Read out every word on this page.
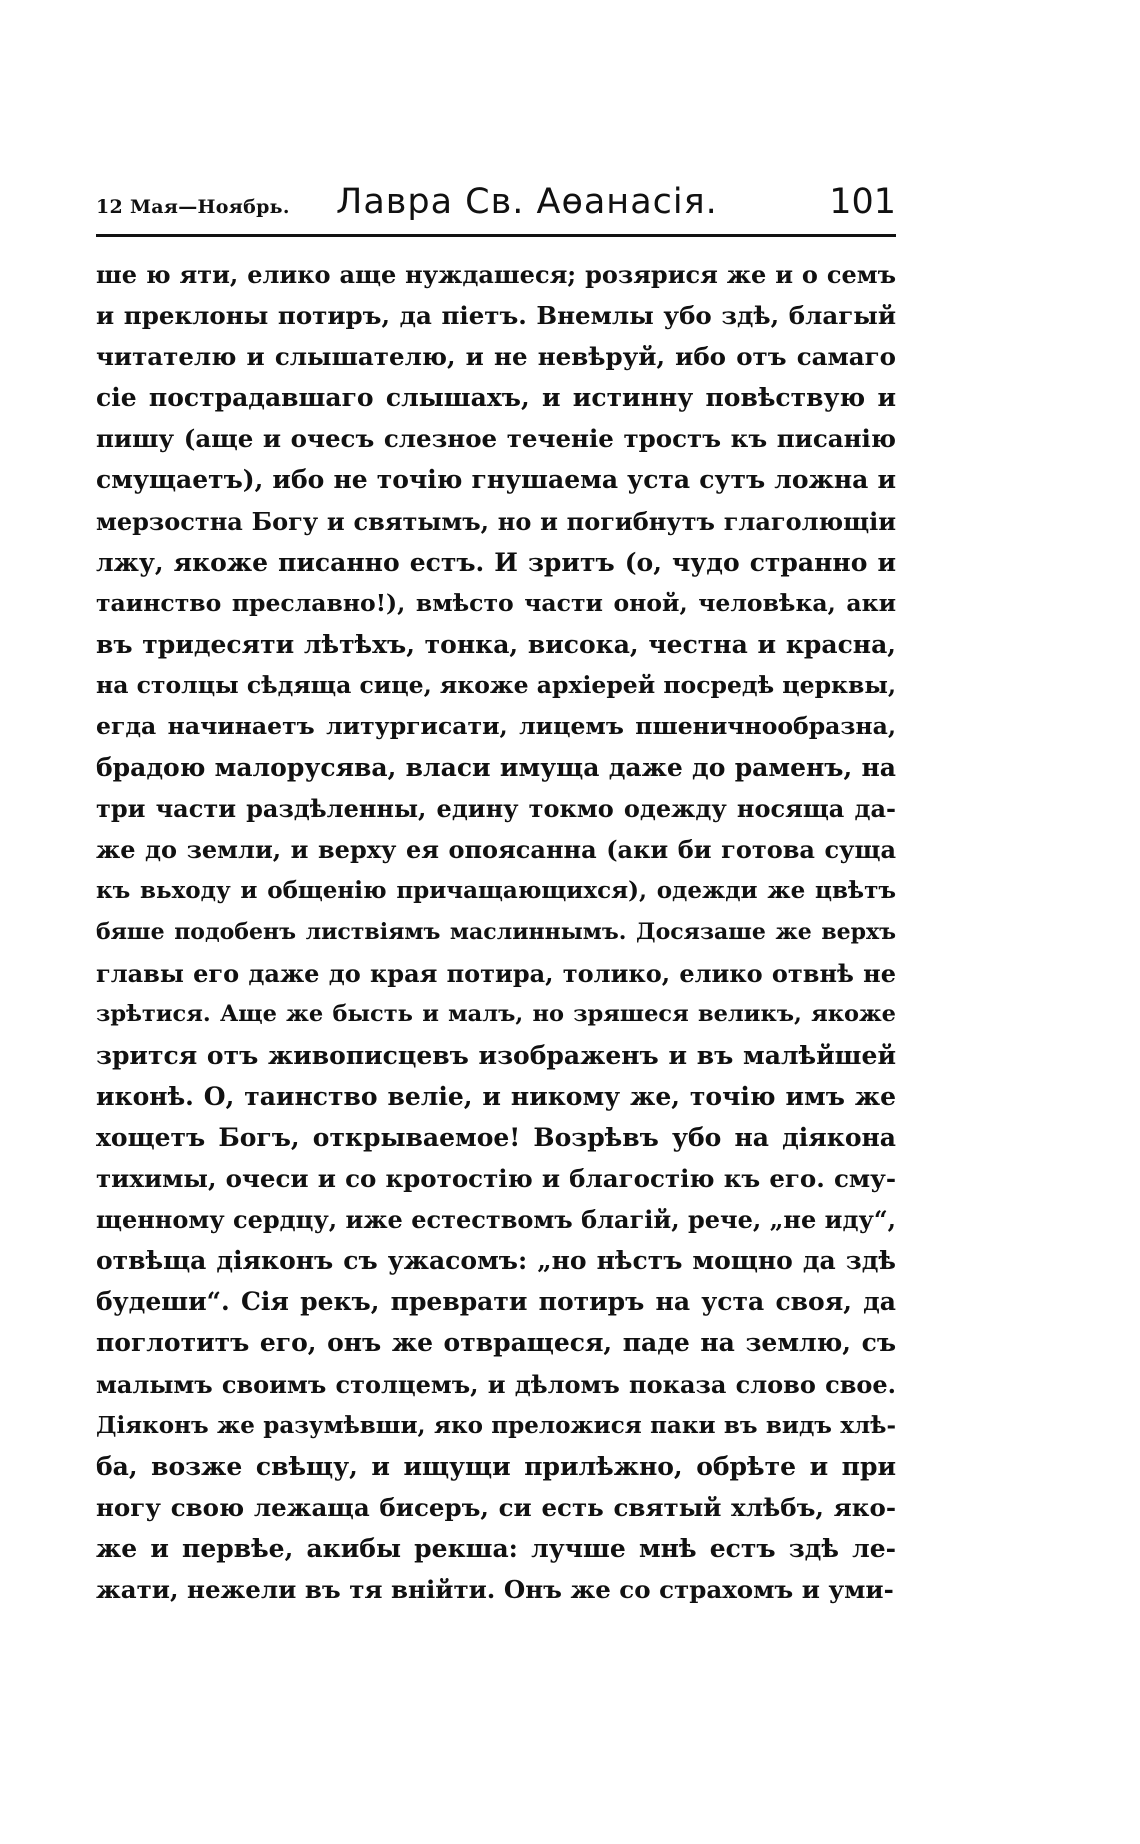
12 Мая—Ноябрь. Лавра Св. Аѳанасія.	101
ше ю яти, елико аще нуждашеся; розярися же и о семъ
и преклоны потиръ, да піетъ. Внемлы убо здѣ, благый
читателю и слышателю, и не невѣруй, ибо отъ самаго
сіе пострадавшаго слышахъ, и истинну повѣствую и
пишу (аще и очесъ слезное теченіе тростъ къ писанію
смущаетъ), ибо не точію гнушаема уста сутъ ложна и
мерзостна Богу и святымъ, но и погибнутъ глаголющіи
лжу, якоже писанно естъ. И зритъ (о, чудо странно и
таинство преславно!), вмѣсто части оной, человѣка, аки
въ тридесяти лѣтѣхъ, тонка, висока, честна и красна,
на столцы сѣдяща сице, якоже архіерей посредѣ церквы,
егда начинаетъ литургисати, лицемъ пшеничнообразна,
брадою малорусява, власи имуща даже до раменъ, на
три части раздѣленны, едину токмо одежду носяща да-
же до земли, и верху ея опоясанна (аки би готова суща
къ вьходу и общенію причащающихся), одежди же цвѣтъ
бяше подобенъ листвіямъ маслиннымъ. Досязаше же верхъ
главы его даже до края потира, толико, елико отвнѣ не
зрѣтися. Аще же бысть и малъ, но зряшеся великъ, якоже
зрится отъ живописцевъ изображенъ и въ малѣйшей
иконѣ. О, таинство веліе, и никому же, точію имъ же
хощетъ Богъ, открываемое! Возрѣвъ убо на діякона
тихимы, очеси и со кротостію и благостію къ его. сму-
щенному сердцу, иже естествомъ благій, рече, „не иду“,
отвѣща діяконъ съ ужасомъ: „но нѣстъ мощно да здѣ
будеши“. Сія рекъ, преврати потиръ на уста своя, да
поглотитъ его, онъ же отвращеся, паде на землю, съ
малымъ своимъ столцемъ, и дѣломъ показа слово свое.
Діяконъ же разумѣвши, яко преложися паки въ видъ хлѣ-
ба, возже свѣщу, и ищущи прилѣжно, обрѣте и при
ногу свою лежаща бисеръ, си есть святый хлѣбъ, яко-
же и первѣе, акибы рекша: лучше мнѣ естъ здѣ ле-
жати, нежели въ тя внійти. Онъ же со страхомъ и уми-
